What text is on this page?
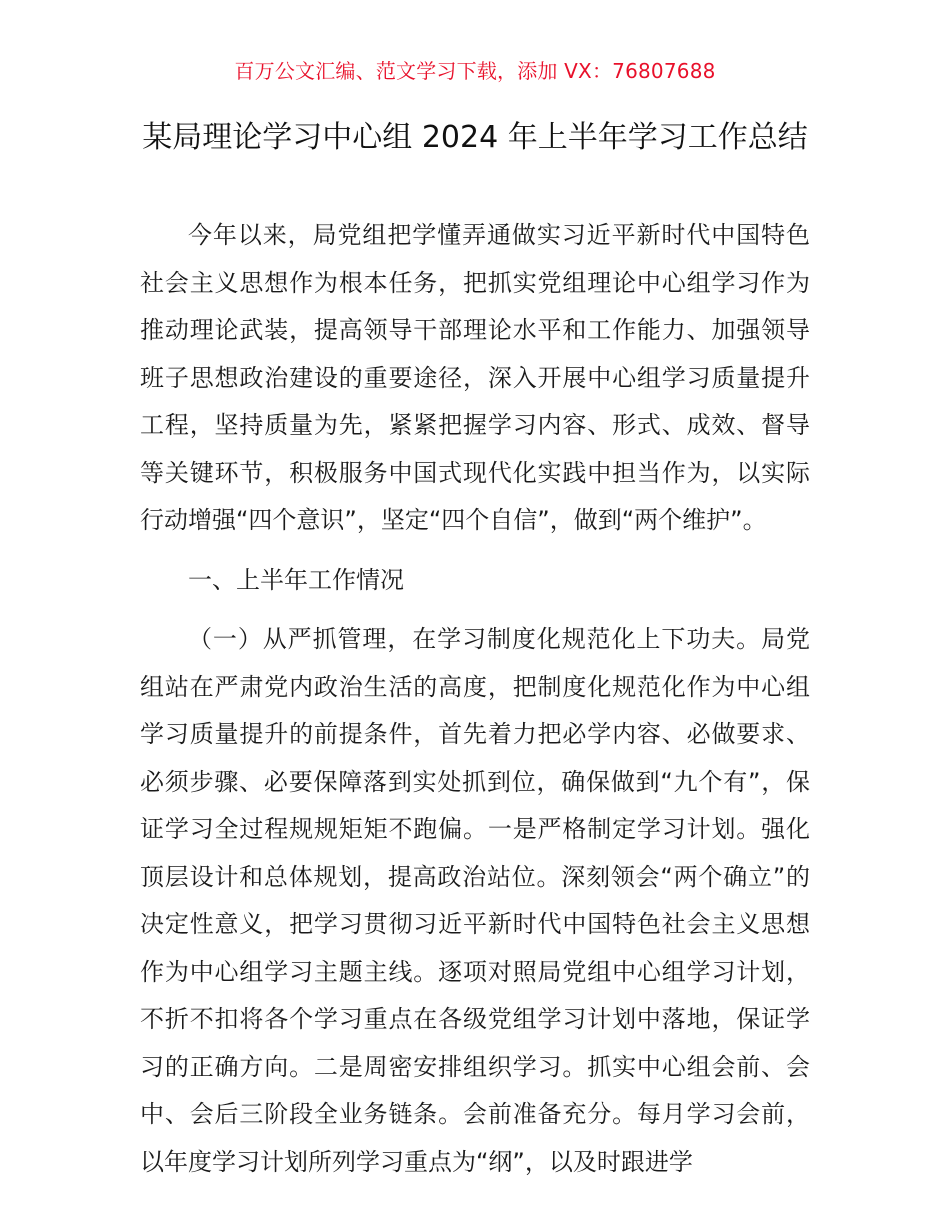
百万公文汇编、范文学习下载，添加 VX：76807688
某局理论学习中心组 2024 年上半年学习工作总结

今年以来，局党组把学懂弄通做实习近平新时代中国特色社会主义思想作为根本任务，把抓实党组理论中心组学习作为推动理论武装，提高领导干部理论水平和工作能力、加强领导班子思想政治建设的重要途径，深入开展中心组学习质量提升工程，坚持质量为先，紧紧把握学习内容、形式、成效、督导等关键环节，积极服务中国式现代化实践中担当作为，以实际行动增强“四个意识”，坚定“四个自信”，做到“两个维护”。

一、上半年工作情况

（一）从严抓管理，在学习制度化规范化上下功夫。局党组站在严肃党内政治生活的高度，把制度化规范化作为中心组学习质量提升的前提条件，首先着力把必学内容、必做要求、必须步骤、必要保障落到实处抓到位，确保做到“九个有”，保证学习全过程规规矩矩不跑偏。一是严格制定学习计划。强化顶层设计和总体规划，提高政治站位。深刻领会“两个确立”的决定性意义，把学习贯彻习近平新时代中国特色社会主义思想作为中心组学习主题主线。逐项对照局党组中心组学习计划，不折不扣将各个学习重点在各级党组学习计划中落地，保证学习的正确方向。二是周密安排组织学习。抓实中心组会前、会中、会后三阶段全业务链条。会前准备充分。每月学习会前，以年度学习计划所列学习重点为“纲”，以及时跟进学
